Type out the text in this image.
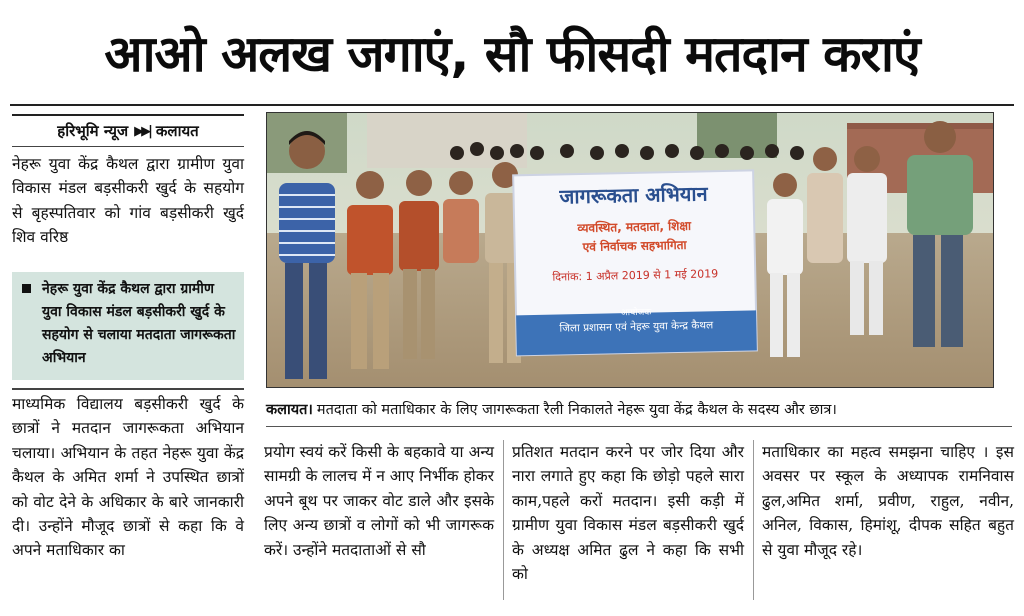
आओ अलख जगाएं, सौ फीसदी मतदान कराएं
हरिभूमि न्यूज ▶▶| कलायत

नेहरू युवा केंद्र कैथल द्वारा ग्रामीण युवा विकास मंडल बड़सीकरी खुर्द के सहयोग से बृहस्पतिवार को गांव बड़सीकरी खुर्द शिव वरिष्ठ

नेहरू युवा केंद्र कैथल द्वारा ग्रामीण युवा विकास मंडल बड़सीकरी खुर्द के सहयोग से चलाया मतदाता जागरूकता अभियान

माध्यमिक विद्यालय बड़सीकरी खुर्द के छात्रों ने मतदान जागरूकता अभियान चलाया। अभियान के तहत नेहरू युवा केंद्र कैथल के अमित शर्मा ने उपस्थित छात्रों को वोट देने के अधिकार के बारे जानकारी दी। उन्होंने मौजूद छात्रों से कहा कि वे अपने मताधिकार का

जागरूकता अभियान
व्यवस्थित, मतदाता, शिक्षा
एवं निर्वाचक सहभागिता
दिनांक: 1 अप्रैल 2019 से 1 मई 2019
आयोजक
जिला प्रशासन एवं नेहरू युवा केन्द्र कैथल
कलायत। मतदाता को मताधिकार के लिए जागरूकता रैली निकालते नेहरू युवा केंद्र कैथल के सदस्य और छात्र।

प्रयोग स्वयं करें किसी के बहकावे या अन्य सामग्री के लालच में न आए निर्भीक होकर अपने बूथ पर जाकर वोट डाले और इसके लिए अन्य छात्रों व लोगों को भी जागरूक करें। उन्होंने मतदाताओं से सौ

प्रतिशत मतदान करने पर जोर दिया और नारा लगाते हुए कहा कि छोड़ो पहले सारा काम,पहले करों मतदान। इसी कड़ी में ग्रामीण युवा विकास मंडल बड़सीकरी खुर्द के अध्यक्ष अमित ढुल ने कहा कि सभी को

मताधिकार का महत्व समझना चाहिए । इस अवसर पर स्कूल के अध्यापक रामनिवास ढुल,अमित शर्मा, प्रवीण, राहुल, नवीन, अनिल, विकास, हिमांशू, दीपक सहित बहुत से युवा मौजूद रहे।
